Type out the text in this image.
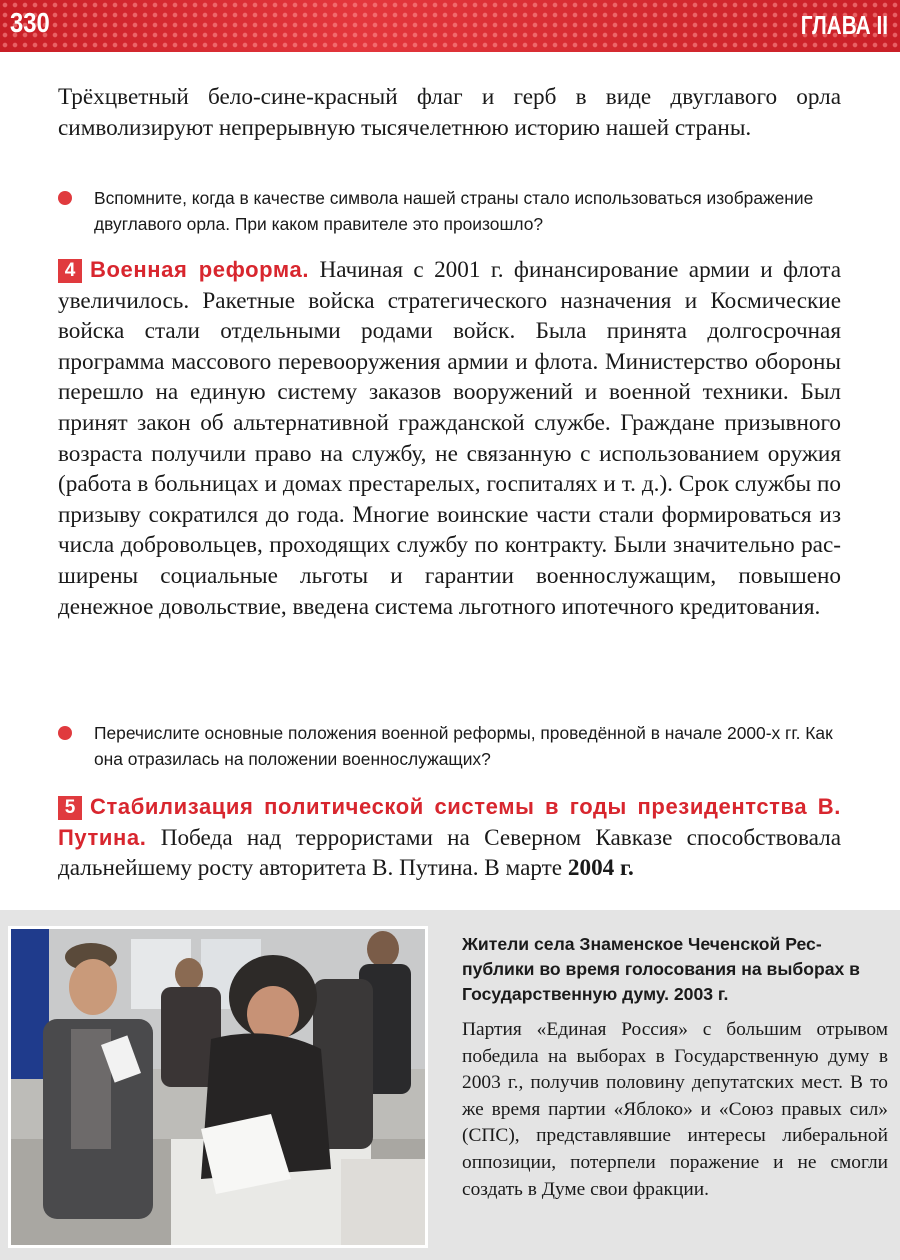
330	ГЛАВА II
Трёхцветный бело-сине-красный флаг и герб в виде двуглавого орла символизируют непрерывную тысячелетнюю историю нашей страны.
Вспомните, когда в качестве символа нашей страны стало использоваться изображение двуглавого орла. При каком правителе это произошло?
4 Военная реформа. Начиная с 2001 г. финансирование армии и флота увеличилось. Ракетные войска стратегического назначения и Космические войска стали отдельными родами войск. Была принята долгосрочная программа массового перевооружения армии и флота. Министерство обороны перешло на единую систему заказов вооружений и военной техники. Был принят закон об альтернативной гражданской службе. Граждане призывного возраста получили право на службу, не связанную с использованием оружия (работа в больницах и домах престарелых, госпиталях и т. д.). Срок службы по призыву сократился до года. Многие воинские части стали формироваться из числа добровольцев, проходящих службу по контракту. Были значительно расширены социальные льготы и гарантии военнослужащим, повышено денежное довольствие, введена система льготного ипотечного кредитования.
Перечислите основные положения военной реформы, проведённой в начале 2000-х гг. Как она отразилась на положении военнослужащих?
5 Стабилизация политической системы в годы президентства В. Путина. Победа над террористами на Северном Кавказе способствовала дальнейшему росту авторитета В. Путина. В марте 2004 г.
Жители села Знаменское Чеченской Республики во время голосования на выборах в Государственную думу. 2003 г.
Партия «Единая Россия» с большим отрывом победила на выборах в Государственную думу в 2003 г., получив половину депутатских мест. В то же время партии «Яблоко» и «Союз правых сил» (СПС), представлявшие интересы либеральной оппозиции, потерпели поражение и не смогли создать в Думе свои фракции.
